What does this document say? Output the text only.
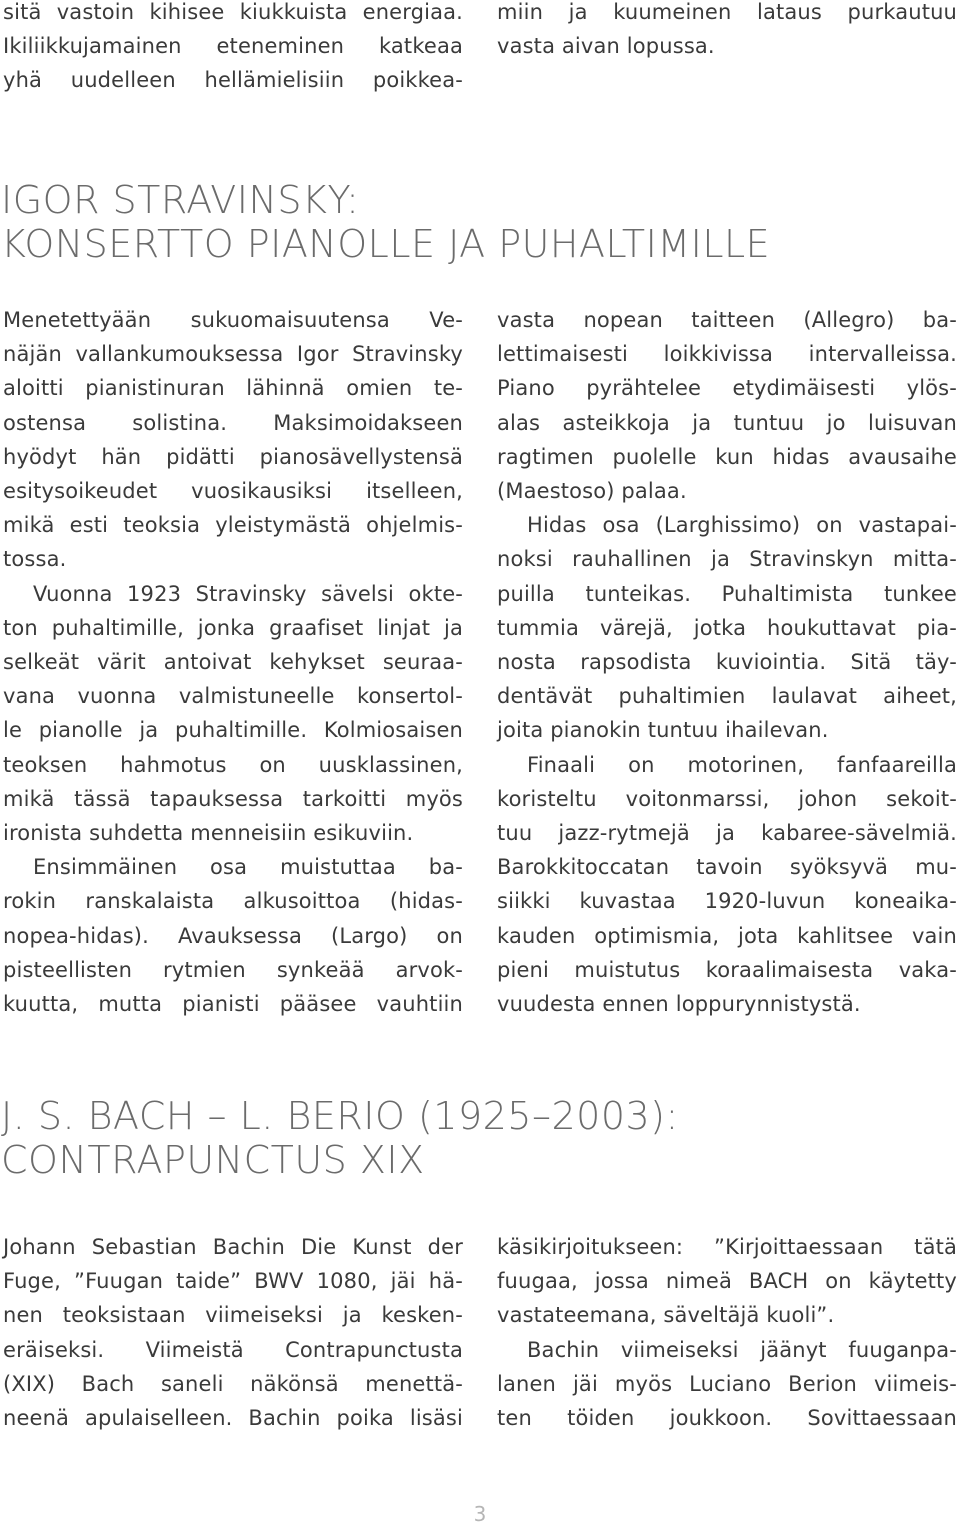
sitä vastoin kihisee kiukkuista energiaa.
Ikiliikkujamainen eteneminen katkeaa
yhä uudelleen hellämielisiin poikkea-
miin ja kuumeinen lataus purkautuu
vasta aivan lopussa.
IGOR STRAVINSKY:
KONSERTTO PIANOLLE JA PUHALTIMILLE
Menetettyään sukuomaisuutensa Ve-
näjän vallankumouksessa Igor Stravinsky
aloitti pianistinuran lähinnä omien te-
ostensa solistina. Maksimoidakseen
hyödyt hän pidätti pianosävellystensä
esitysoikeudet vuosikausiksi itselleen,
mikä esti teoksia yleistymästä ohjelmis-
tossa.
Vuonna 1923 Stravinsky sävelsi okte-
ton puhaltimille, jonka graafiset linjat ja
selkeät värit antoivat kehykset seuraa-
vana vuonna valmistuneelle konsertol-
le pianolle ja puhaltimille. Kolmiosaisen
teoksen hahmotus on uusklassinen,
mikä tässä tapauksessa tarkoitti myös
ironista suhdetta menneisiin esikuviin.
Ensimmäinen osa muistuttaa ba-
rokin ranskalaista alkusoittoa (hidas-
nopea-hidas). Avauksessa (Largo) on
pisteellisten rytmien synkeää arvok-
kuutta, mutta pianisti pääsee vauhtiin
vasta nopean taitteen (Allegro) ba-
lettimaisesti loikkivissa intervalleissa.
Piano pyrähtelee etydimäisesti ylös-
alas asteikkoja ja tuntuu jo luisuvan
ragtimen puolelle kun hidas avausaihe
(Maestoso) palaa.
Hidas osa (Larghissimo) on vastapai-
noksi rauhallinen ja Stravinskyn mitta-
puilla tunteikas. Puhaltimista tunkee
tummia värejä, jotka houkuttavat pia-
nosta rapsodista kuviointia. Sitä täy-
dentävät puhaltimien laulavat aiheet,
joita pianokin tuntuu ihailevan.
Finaali on motorinen, fanfaareilla
koristeltu voitonmarssi, johon sekoit-
tuu jazz-rytmejä ja kabaree-sävelmiä.
Barokkitoccatan tavoin syöksyvä mu-
siikki kuvastaa 1920-luvun koneaika-
kauden optimismia, jota kahlitsee vain
pieni muistutus koraalimaisesta vaka-
vuudesta ennen loppurynnistystä.
J. S. BACH – L. BERIO (1925–2003):
CONTRAPUNCTUS XIX
Johann Sebastian Bachin Die Kunst der
Fuge, ”Fuugan taide” BWV 1080, jäi hä-
nen teoksistaan viimeiseksi ja kesken-
eräiseksi. Viimeistä Contrapunctusta
(XIX) Bach saneli näkönsä menettä-
neenä apulaiselleen. Bachin poika lisäsi
käsikirjoitukseen: ”Kirjoittaessaan tätä
fuugaa, jossa nimeä BACH on käytetty
vastateemana, säveltäjä kuoli”.
Bachin viimeiseksi jäänyt fuuganpa-
lanen jäi myös Luciano Berion viimeis-
ten töiden joukkoon. Sovittaessaan
3
